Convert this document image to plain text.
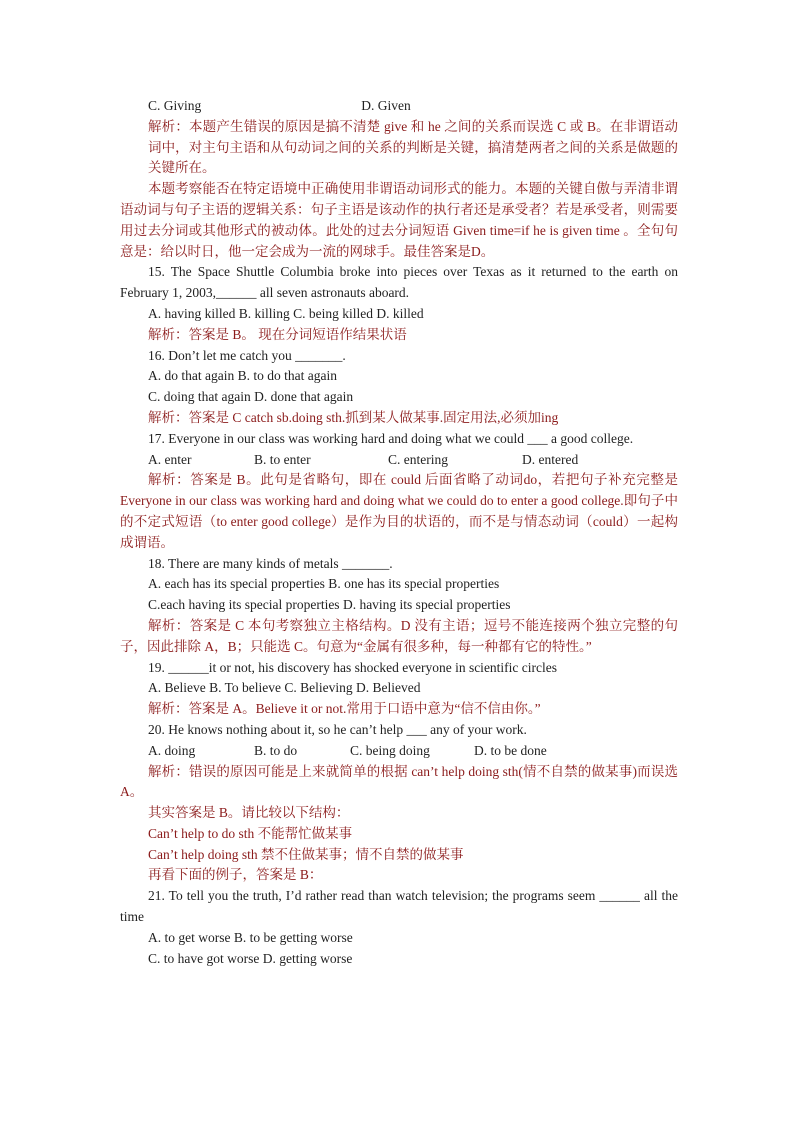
C. Giving	D. Given
解析：本题产生错误的原因是搞不清楚 give 和 he 之间的关系而误选 C 或 B。在非谓语动词中，对主句主语和从句动词之间的关系的判断是关键，搞清楚两者之间的关系是做题的关键所在。
本题考察能否在特定语境中正确使用非谓语动词形式的能力。本题的关键自傲与弄清非谓语动词与句子主语的逻辑关系：句子主语是该动作的执行者还是承受者？若是承受者，则需要用过去分词或其他形式的被动体。此处的过去分词短语 Given time=if he is given time 。全句句意是：给以时日，他一定会成为一流的网球手。最佳答案是D。
15. The Space Shuttle Columbia broke into pieces over Texas as it returned to the earth on February 1, 2003,______ all seven astronauts aboard.
A. having killed B. killing C. being killed D. killed
解析：答案是 B。 现在分词短语作结果状语
16. Don’t let me catch you _______.
A. do that again B. to do that again
C. doing that again D. done that again
解析：答案是 C catch sb.doing sth.抓到某人做某事.固定用法,必须加ing
17. Everyone in our class was working hard and doing what we could ___ a good college.
A. enter	B. to enter	C. entering	D. entered
解析：答案是 B。此句是省略句，即在 could 后面省略了动词do，若把句子补充完整是 Everyone in our class was working hard and doing what we could do to enter a good college.即句子中的不定式短语（to enter good college）是作为目的状语的，而不是与情态动词（could）一起构成谓语。
18. There are many kinds of metals _______.
A. each has its special properties B. one has its special properties
C.each having its special properties D. having its special properties
解析：答案是 C 本句考察独立主格结构。D 没有主语；逗号不能连接两个独立完整的句子，因此排除 A，B；只能选 C。句意为“金属有很多种，每一种都有它的特性。”
19. ______it or not, his discovery has shocked everyone in scientific circles
A. Believe B. To believe C. Believing D. Believed
解析：答案是 A。Believe it or not.常用于口语中意为“信不信由你。”
20. He knows nothing about it, so he can’t help ___ any of your work.
A. doing	B. to do	C. being doing	D. to be done
解析：错误的原因可能是上来就简单的根据 can’t help doing sth(情不自禁的做某事)而误选 A。
其实答案是 B。请比较以下结构：
Can’t help to do sth 不能帮忙做某事
Can’t help doing sth 禁不住做某事；情不自禁的做某事
再看下面的例子，答案是 B：
21. To tell you the truth, I’d rather read than watch television; the programs seem ______ all the time
A. to get worse B. to be getting worse
C. to have got worse D. getting worse
